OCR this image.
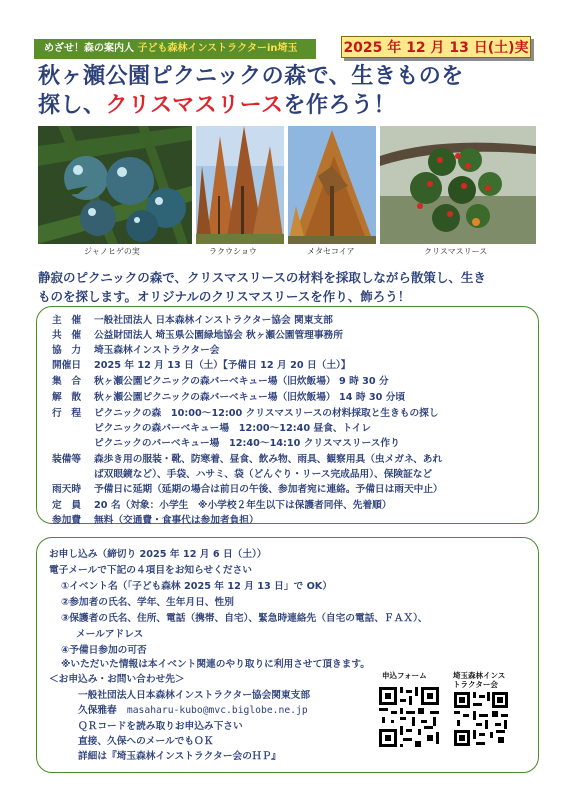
めざせ！森の案内人 子ども森林インストラクターin埼玉	2025 年 12 月 13 日(土)実
秋ヶ瀬公園ピクニックの森で、生きものを
探し、クリスマスリースを作ろう！
ジャノヒゲの実	ラクウショウ	メタセコイア	クリスマスリース
静寂のピクニックの森で、クリスマスリースの材料を採取しながら散策し、生き
ものを探します。オリジナルのクリスマスリースを作り、飾ろう！
主　催 一般社団法人 日本森林インストラクター協会 関東支部
共　催 公益財団法人 埼玉県公園緑地協会 秋ヶ瀬公園管理事務所
協　力 埼玉森林インストラクター会
開催日 2025 年 12 月 13 日（土）【予備日 12 月 20 日（土）】
集　合 秋ヶ瀬公園ピクニックの森バーベキュー場（旧炊飯場） 9 時 30 分
解　散 秋ヶ瀬公園ピクニックの森バーベキュー場（旧炊飯場） 14 時 30 分頃
行　程 ピクニックの森　10:00～12:00 クリスマスリースの材料採取と生きもの探し
ピクニックの森バーベキュー場　12:00～12:40 昼食、トイレ
ピクニックのバーベキュー場　12:40～14:10 クリスマスリース作り
装備等 森歩き用の服装・靴、防寒着、昼食、飲み物、雨具、観察用具（虫メガネ、あれ
ば双眼鏡など）、手袋、ハサミ、袋（どんぐり・リース完成品用）、保険証など
雨天時 予備日に延期（延期の場合は前日の午後、参加者宛に連絡。予備日は雨天中止）
定　員 20 名（対象：小学生　※小学校２年生以下は保護者同伴、先着順）
参加費 無料（交通費・食事代は参加者負担）
お申し込み（締切り 2025 年 12 月 6 日（土））
電子メールで下記の４項目をお知らせください
①イベント名（「子ども森林 2025 年 12 月 13 日」で OK）
②参加者の氏名、学年、生年月日、性別
③保護者の氏名、住所、電話（携帯、自宅）、緊急時連絡先（自宅の電話、ＦＡＸ）、
メールアドレス
④予備日参加の可否
※いただいた情報は本イベント関連のやり取りに利用させて頂きます。
＜お申込み・お問い合わせ先＞
一般社団法人日本森林インストラクター協会関東支部
久保雅春 masaharu-kubo@mvc.biglobe.ne.jp
ＱＲコードを読み取りお申込み下さい
直接、久保へのメールでもＯＫ
詳細は『埼玉森林インストラクター会のＨＰ』
申込フォーム	埼玉森林インス
トラクター会
